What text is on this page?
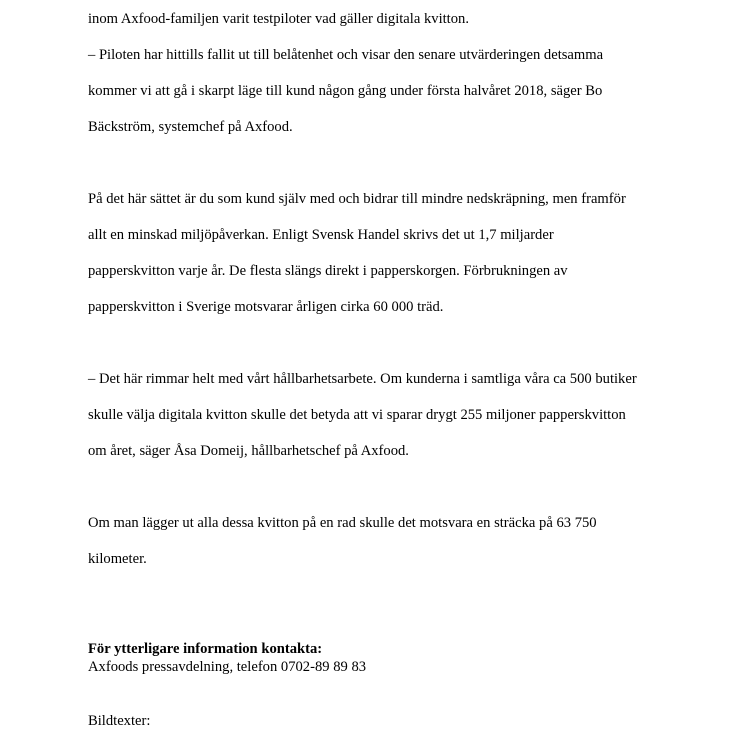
inom Axfood-familjen varit testpiloter vad gäller digitala kvitton.

– Piloten har hittills fallit ut till belåtenhet och visar den senare utvärderingen detsamma

kommer vi att gå i skarpt läge till kund någon gång under första halvåret 2018, säger Bo

Bäckström, systemchef på Axfood.

På det här sättet är du som kund själv med och bidrar till mindre nedskräpning, men framför

allt en minskad miljöpåverkan. Enligt Svensk Handel skrivs det ut 1,7 miljarder

papperskvitton varje år. De flesta slängs direkt i papperskorgen. Förbrukningen av

papperskvitton i Sverige motsvarar årligen cirka 60 000 träd.

– Det här rimmar helt med vårt hållbarhetsarbete. Om kunderna i samtliga våra ca 500 butiker

skulle välja digitala kvitton skulle det betyda att vi sparar drygt 255 miljoner papperskvitton

om året, säger Åsa Domeij, hållbarhetschef på Axfood.

Om man lägger ut alla dessa kvitton på en rad skulle det motsvara en sträcka på 63 750

kilometer.

För ytterligare information kontakta:
Axfoods pressavdelning, telefon 0702-89 89 83
Bildtexter:
